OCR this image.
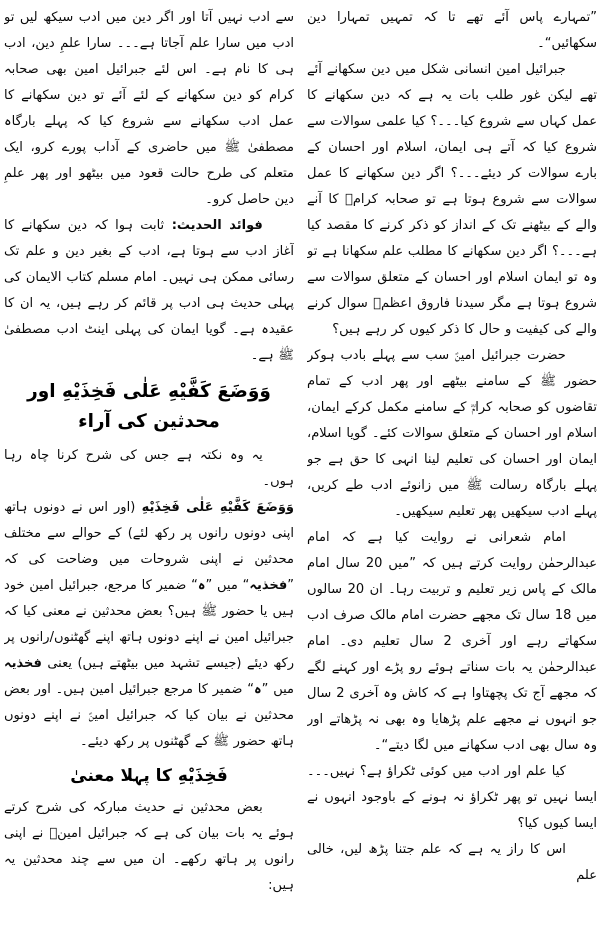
”تمہارے پاس آئے تھے تا کہ تمہیں تمہارا دین سکھائیں“۔

جبرائیل امین انسانی شکل میں دین سکھانے آئے تھے لیکن غور طلب بات یہ ہے کہ دین سکھانے کا عمل کہاں سے شروع کیا۔۔۔؟ کیا علمی سوالات سے شروع کیا کہ آتے ہی ایمان، اسلام اور احسان کے بارے سوالات کر دیئے۔۔۔؟ اگر دین سکھانے کا عمل سوالات سے شروع ہوتا ہے تو صحابہ کرامؓ کا آنے والے کے بیٹھنے تک کے انداز کو ذکر کرنے کا مقصد کیا ہے۔۔۔؟ اگر دین سکھانے کا مطلب علم سکھانا ہے تو وہ تو ایمان اسلام اور احسان کے متعلق سوالات سے شروع ہوتا ہے مگر سیدنا فاروق اعظمؓ سوال کرنے والے کی کیفیت و حال کا ذکر کیوں کر رہے ہیں؟

حضرت جبرائیل امینؑ سب سے پہلے بادب ہوکر حضور ﷺ کے سامنے بیٹھے اور پھر ادب کے تمام تقاضوں کو صحابہ کرامؓ کے سامنے مکمل کرکے ایمان، اسلام اور احسان کے متعلق سوالات کئے۔ گویا اسلام، ایمان اور احسان کی تعلیم لینا انہی کا حق ہے جو پہلے بارگاہ رسالت ﷺ میں زانوئے ادب طے کریں، پہلے ادب سیکھیں پھر تعلیم سیکھیں۔

امام شعرانی نے روایت کیا ہے کہ امام عبدالرحمٰن روایت کرتے ہیں کہ ”میں 20 سال امام مالک کے پاس زیر تعلیم و تربیت رہا۔ ان 20 سالوں میں 18 سال تک مجھے حضرت امام مالک صرف ادب سکھاتے رہے اور آخری 2 سال تعلیم دی۔ امام عبدالرحمٰن یہ بات سناتے ہوئے رو پڑے اور کہنے لگے کہ مجھے آج تک پچھتاوا ہے کہ کاش وہ آخری 2 سال جو انہوں نے مجھے علم پڑھایا وہ بھی نہ پڑھاتے اور وہ سال بھی ادب سکھانے میں لگا دیتے“۔

کیا علم اور ادب میں کوئی ٹکراؤ ہے؟ نہیں۔۔۔ ایسا نہیں تو پھر ٹکراؤ نہ ہونے کے باوجود انہوں نے ایسا کیوں کیا؟

اس کا راز یہ ہے کہ علم جتنا پڑھ لیں، خالی علم

سے ادب نہیں آتا اور اگر دین میں ادب سیکھ لیں تو ادب میں سارا علم آجاتا ہے۔۔۔ سارا علمِ دین، ادب ہی کا نام ہے۔ اس لئے جبرائیل امین بھی صحابہ کرام کو دین سکھانے کے لئے آئے تو دین سکھانے کا عمل ادب سکھانے سے شروع کیا کہ پہلے بارگاہ مصطفیٰ ﷺ میں حاضری کے آداب پورے کرو، ایک متعلم کی طرح حالت قعود میں بیٹھو اور پھر علمِ دین حاصل کرو۔

فوائد الحدیث: ثابت ہوا کہ دین سکھانے کا آغاز ادب سے ہوتا ہے، ادب کے بغیر دین و علم تک رسائی ممکن ہی نہیں۔ امام مسلم کتاب الایمان کی پہلی حدیث ہی ادب پر قائم کر رہے ہیں، یہ ان کا عقیدہ ہے۔ گویا ایمان کی پہلی اینٹ ادب مصطفیٰ ﷺ ہے۔

وَوَضَعَ كَفَّيْهِ عَلٰى فَخِذَيْهِ اور محدثین کی آراء

یہ وہ نکتہ ہے جس کی شرح کرنا چاہ رہا ہوں۔

وَوَضَعَ كَفَّيْهِ عَلٰى فَخِذَيْهِ (اور اس نے دونوں ہاتھ اپنی دونوں رانوں پر رکھ لئے) کے حوالے سے مختلف محدثین نے اپنی شروحات میں وضاحت کی کہ ”فخذیہ“ میں ”ہ“ ضمیر کا مرجع، جبرائیل امین خود ہیں یا حضور ﷺ ہیں؟ بعض محدثین نے معنی کیا کہ جبرائیل امین نے اپنے دونوں ہاتھ اپنے گھٹنوں/رانوں پر رکھ دیئے (جیسے تشہد میں بیٹھتے ہیں) یعنی فخذیہ میں ”ہ“ ضمیر کا مرجع جبرائیل امین ہیں۔ اور بعض محدثین نے بیان کیا کہ جبرائیل امینؑ نے اپنے دونوں ہاتھ حضور ﷺ کے گھٹنوں پر رکھ دیئے۔

فَخِذَيْهِ کا پہلا معنیٰ

بعض محدثین نے حدیث مبارکہ کی شرح کرتے ہوئے یہ بات بیان کی ہے کہ جبرائیل امینؑ نے اپنی رانوں پر ہاتھ رکھے۔ ان میں سے چند محدثین یہ ہیں:
